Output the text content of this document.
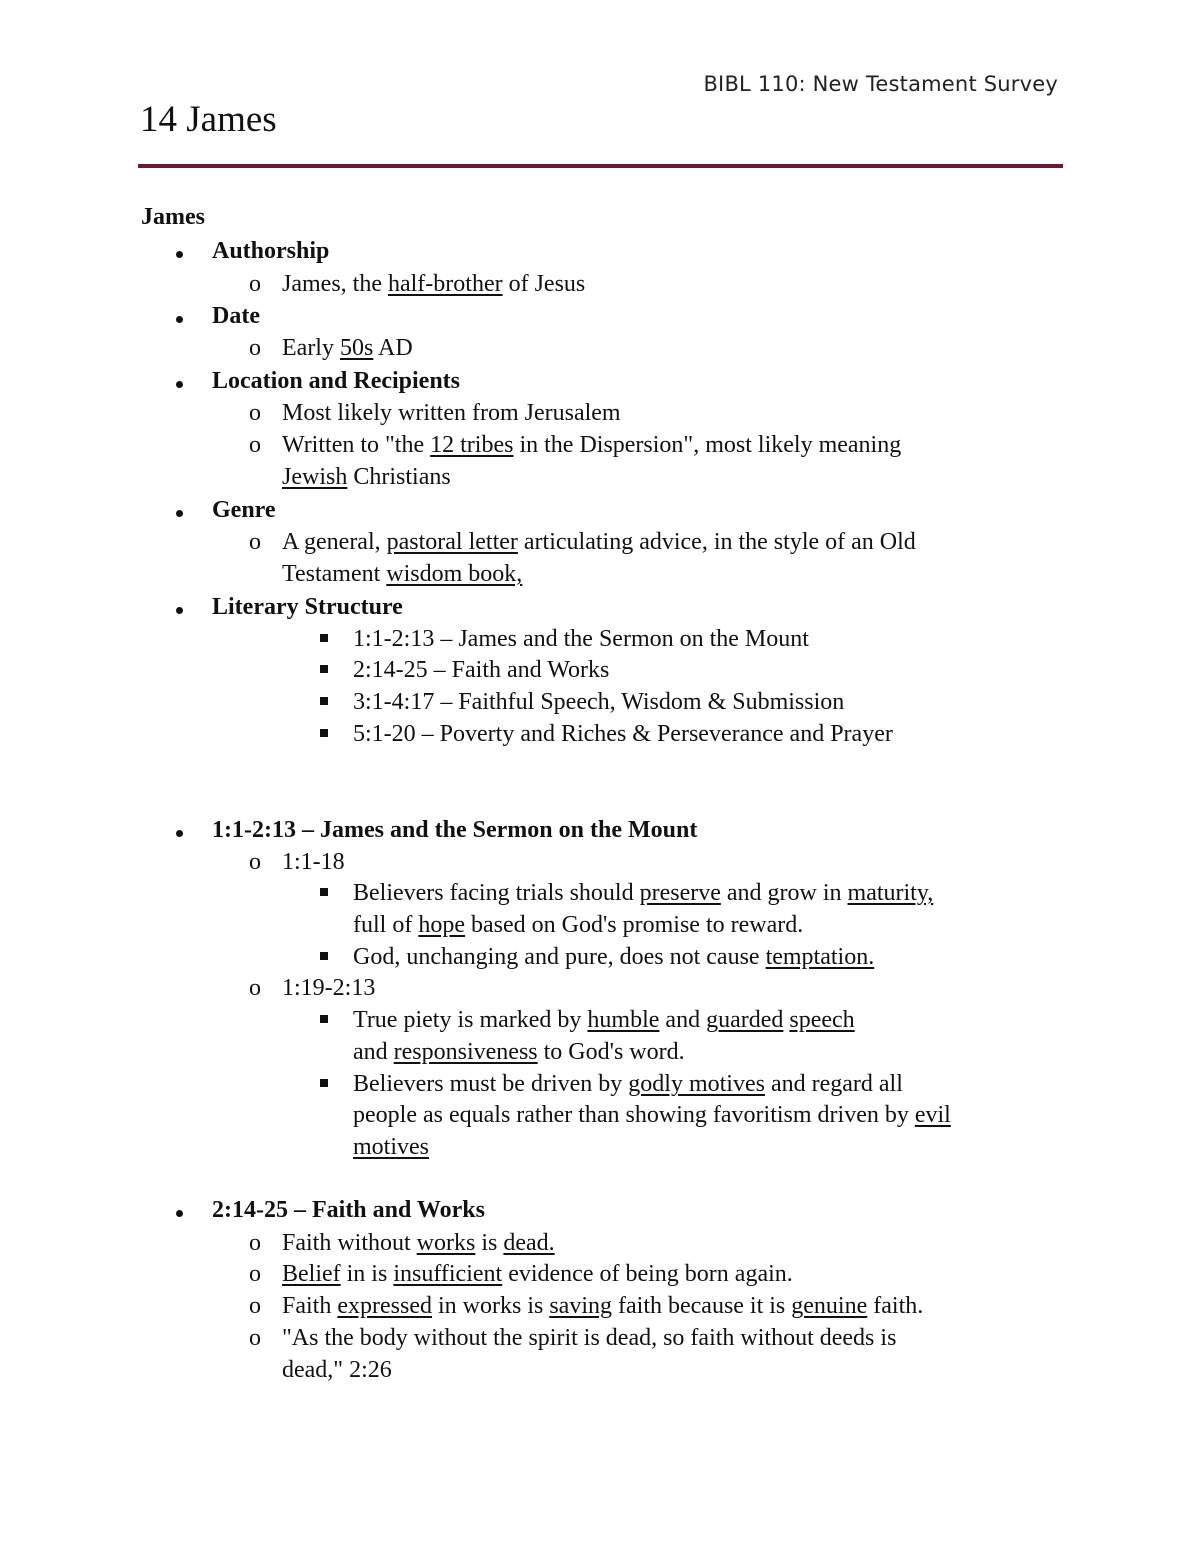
BIBL 110: New Testament Survey
14 James
James
Authorship
o James, the half-brother of Jesus
Date
o Early 50s AD
Location and Recipients
o Most likely written from Jerusalem
o Written to "the 12 tribes in the Dispersion", most likely meaning
Jewish Christians
Genre
o A general, pastoral letter articulating advice, in the style of an Old
Testament wisdom book,
Literary Structure
1:1-2:13 – James and the Sermon on the Mount
2:14-25 – Faith and Works
3:1-4:17 – Faithful Speech, Wisdom & Submission
5:1-20 – Poverty and Riches & Perseverance and Prayer
1:1-2:13 – James and the Sermon on the Mount
o 1:1-18
Believers facing trials should preserve and grow in maturity,
full of hope based on God's promise to reward.
God, unchanging and pure, does not cause temptation.
o 1:19-2:13
True piety is marked by humble and guarded speech
and responsiveness to God's word.
Believers must be driven by godly motives and regard all
people as equals rather than showing favoritism driven by evil
motives
2:14-25 – Faith and Works
o Faith without works is dead.
o Belief in is insufficient evidence of being born again.
o Faith expressed in works is saving faith because it is genuine faith.
o "As the body without the spirit is dead, so faith without deeds is
dead," 2:26
